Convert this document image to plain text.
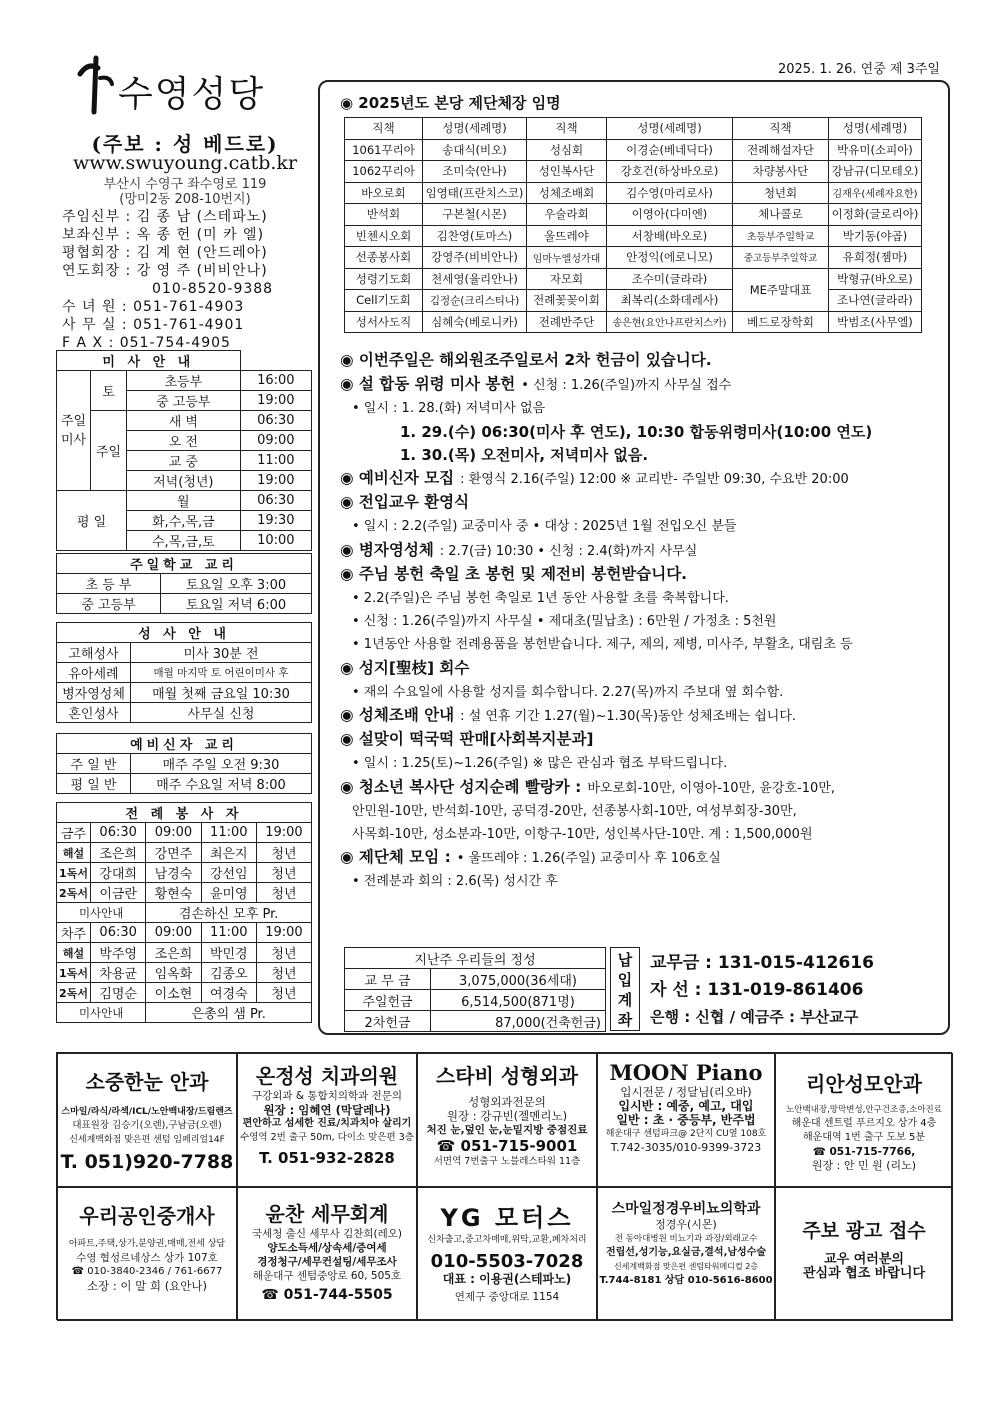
2025. 1. 26. 연중 제 3주일
수영성당
(주보 : 성 베드로)
www.swuyoung.catb.kr
부산시 수영구 좌수영로 119
(망미2동 208-10번지)
주임신부 : 김 종 남 (스테파노)
보좌신부 : 옥 종 헌 (미 카 엘)
평협회장 : 김 계 현 (안드레아)
연도회장 : 강 영 주 (비비안나)
010-8520-9388
수 녀 원 : 051-761-4903
사 무 실 : 051-761-4901
F A X : 051-754-4905
미 사 안 내			
주일미사	토	초등부	16:00
		중 고등부	19:00
	주일	새 벽	06:30
		오 전	09:00
		교 중	11:00
		저녁(청년)	19:00
평 일		월	06:30
		화,수,목,금	19:30
		수,목,금,토	10:00
주일학교 교리	
초 등 부	토요일 오후 3:00
중 고등부	토요일 저녁 6:00
성 사 안 내	
고해성사	미사 30분 전
유아세례	매월 마지막 토 어린이미사 후
병자영성체	매월 첫째 금요일 10:30
혼인성사	사무실 신청
예비신자 교리	
주 일 반	매주 주일 오전 9:30
평 일 반	매주 수요일 저녁 8:00
전 례 봉 사 자				
금주	06:30	09:00	11:00	19:00
해설	조은희	강면주	최은지	청년
1독서	강대희	남경숙	강선임	청년
2독서	이금란	황현숙	윤미영	청년
미사안내		겸손하신 모후 Pr.		
차주	06:30	09:00	11:00	19:00
해설	박주영	조은희	박민경	청년
1독서	차용균	임옥화	김종오	청년
2독서	김명순	이소현	여경숙	청년
미사안내		은총의 샘 Pr.		
◉ 2025년도 본당 제단체장 임명
직책	성명(세례명)	직책	성명(세례명)	직책	성명(세례명)
1061꾸리아	송대식(비오)	성심회	이경순(베네딕다)	전례해설자단	박유미(소피아)
1062꾸리아	조미숙(안나)	성인복사단	강호건(하상바오로)	차량봉사단	강남규(디모테오)
바오로회	임영태(프란치스코)	성체조배회	김수영(마리로사)	청년회	김재우(세례자요한)
반석회	구본철(시몬)	우술라회	이영아(다미엔)	체나콜로	이정화(글로리아)
빈첸시오회	김찬영(토마스)	울뜨레야	서창배(바오로)	초등부주일학교	박기동(야곱)
선종봉사회	강영주(비비안나)	임마누엘성가대	안정익(에로니모)	중고등부주일학교	유희정(젬마)
성령기도회	천세영(율리안나)	자모회	조수미(글라라)	ME주말대표	박형규(바오로)
Cell기도회	김정순(크리스티나)	전례꽃꽂이회	최복리(소화데레사)		조나연(글라라)
성서사도직	심혜숙(베로니카)	전례반주단	송은현(요안나프란치스카)	베드로장학회	박범조(사무엘)
◉ 이번주일은 해외원조주일로서 2차 헌금이 있습니다.
◉ 설 합동 위령 미사 봉헌 • 신청 : 1.26(주일)까지 사무실 접수
• 일시 : 1. 28.(화) 저녁미사 없음
1. 29.(수) 06:30(미사 후 연도), 10:30 합동위령미사(10:00 연도)
1. 30.(목) 오전미사, 저녁미사 없음.
◉ 예비신자 모집 : 환영식 2.16(주일) 12:00 ※ 교리반- 주일반 09:30, 수요반 20:00
◉ 전입교우 환영식
• 일시 : 2.2(주일) 교중미사 중 • 대상 : 2025년 1월 전입오신 분들
◉ 병자영성체 : 2.7(금) 10:30 • 신청 : 2.4(화)까지 사무실
◉ 주님 봉헌 축일 초 봉헌 및 제전비 봉헌받습니다.
• 2.2(주일)은 주님 봉헌 축일로 1년 동안 사용할 초를 축복합니다.
• 신청 : 1.26(주일)까지 사무실 • 제대초(밀납초) : 6만원 / 가정초 : 5천원
• 1년동안 사용할 전례용품을 봉헌받습니다. 제구, 제의, 제병, 미사주, 부활초, 대림초 등
◉ 성지[聖枝] 회수
• 재의 수요일에 사용할 성지를 회수합니다. 2.27(목)까지 주보대 옆 회수함.
◉ 성체조배 안내 : 설 연휴 기간 1.27(월)~1.30(목)동안 성체조배는 쉽니다.
◉ 설맞이 떡국떡 판매[사회복지분과]
• 일시 : 1.25(토)~1.26(주일) ※ 많은 관심과 협조 부탁드립니다.
◉ 청소년 복사단 성지순례 빨랑카 : 바오로회-10만, 이영아-10만, 윤강호-10만,
안민원-10만, 반석회-10만, 공덕경-20만, 선종봉사회-10만, 여성부회장-30만,
사목회-10만, 성소분과-10만, 이항구-10만, 성인복사단-10만. 계 : 1,500,000원
◉ 제단체 모임 : • 울뜨레야 : 1.26(주일) 교중미사 후 106호실
• 전례분과 회의 : 2.6(목) 성시간 후
지난주 우리들의 정성	
교 무 금	3,075,000(36세대)
주일헌금	6,514,500(871명)
2차헌금	87,000(건축헌금)
납입계좌
교무금 : 131-015-412616
자 선 : 131-019-861406
은행 : 신협 / 예금주 : 부산교구
소중한눈 안과
스마일/라식/라섹/ICL/노안백내장/드림렌즈
대표원장 김승기(오렌),구남금(오렌)
신세계백화점 맞은편 센텀 임페리얼14F
T. 051)920-7788
온정성 치과의원
구강외과 & 통합치의학과 전문의
원장 : 임혜연 (막달레나)
편안하고 섬세한 진료/치과치아 살리기
수영역 2번 출구 50m, 다이소 맞은편 3층
T. 051-932-2828
스타비 성형외과
성형외과전문의
원장 : 강규빈(젤멘리노)
처진 눈,덮인 눈,눈밑지방 중점진료
☎ 051-715-9001
서면역 7번출구 노블레스타워 11층
MOON Piano
입시전문 / 정달님(리오바)
입시반 : 예중, 예고, 대입
일반 : 초 · 중등부, 반주법
해운대구 센텀파크@ 2단지 CU옆 108호
T.742-3035/010-9399-3723
리안성모안과
노안백내장,망막변성,안구건조증,소아진료
해운대 센트럴 푸르지오 상가 4층
해운대역 1번 출구 도보 5분
☎ 051-715-7766,
원장 : 안 민 원 (리노)
우리공인중개사
아파트,주택,상가,분양권,매매,전세 상담
수영 협성르네상스 상가 107호
☎ 010-3840-2346 / 761-6677
소장 : 이 말 희 (요안나)
윤찬 세무회계
국세청 출신 세무사 김찬희(레오)
양도소득세/상속세/증여세
경정청구/세무컨설팅/세무조사
해운대구 센텀중앙로 60, 505호
☎ 051-744-5505
YG 모터스
신차출고,중고차매매,위탁,교환,폐차처리
010-5503-7028
대표 : 이용권(스테파노)
연제구 중앙대로 1154
스마일정경우비뇨의학과
정경우(시몬)
전 동아대병원 비뇨기과 과장/외래교수
전립선,성기능,요실금,결석,남성수술
신세계백화점 맞은편 센텀타워메디컬 2층
T.744-8181 상담 010-5616-8600
주보 광고 접수
교우 여러분의
관심과 협조 바랍니다
